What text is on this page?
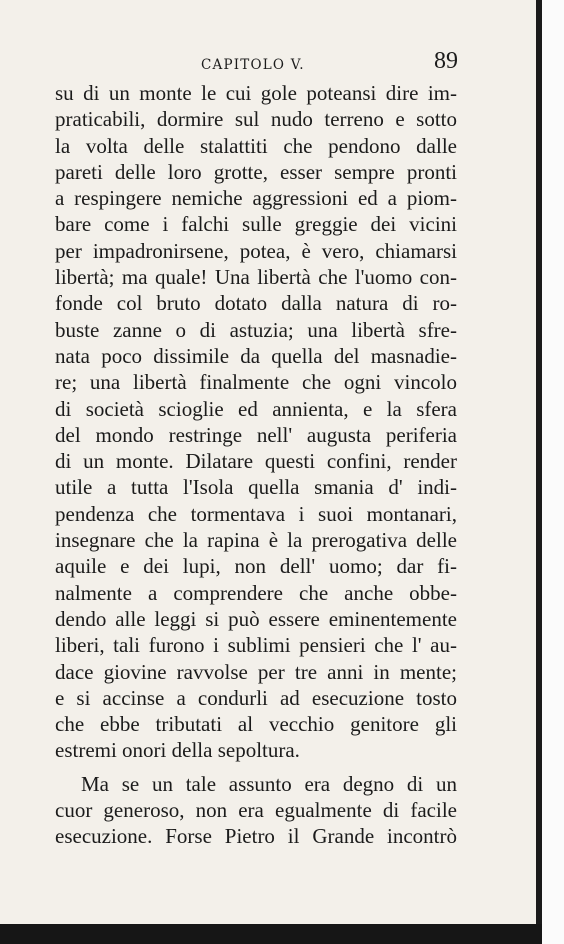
CAPITOLO V.	89
su di un monte le cui gole poteansi dire im-
praticabili, dormire sul nudo terreno e sotto
la volta delle stalattiti che pendono dalle
pareti delle loro grotte, esser sempre pronti
a respingere nemiche aggressioni ed a piom-
bare come i falchi sulle greggie dei vicini
per impadronirsene, potea, è vero, chiamarsi
libertà; ma quale! Una libertà che l'uomo con-
fonde col bruto dotato dalla natura di ro-
buste zanne o di astuzia; una libertà sfre-
nata poco dissimile da quella del masnadie-
re; una libertà finalmente che ogni vincolo
di società scioglie ed annienta, e la sfera
del mondo restringe nell' augusta periferia
di un monte. Dilatare questi confini, render
utile a tutta l'Isola quella smania d' indi-
pendenza che tormentava i suoi montanari,
insegnare che la rapina è la prerogativa delle
aquile e dei lupi, non dell' uomo; dar fi-
nalmente a comprendere che anche obbe-
dendo alle leggi si può essere eminentemente
liberi, tali furono i sublimi pensieri che l' au-
dace giovine ravvolse per tre anni in mente;
e si accinse a condurli ad esecuzione tosto
che ebbe tributati al vecchio genitore gli
estremi onori della sepoltura.
Ma se un tale assunto era degno di un
cuor generoso, non era egualmente di facile
esecuzione. Forse Pietro il Grande incontrò
